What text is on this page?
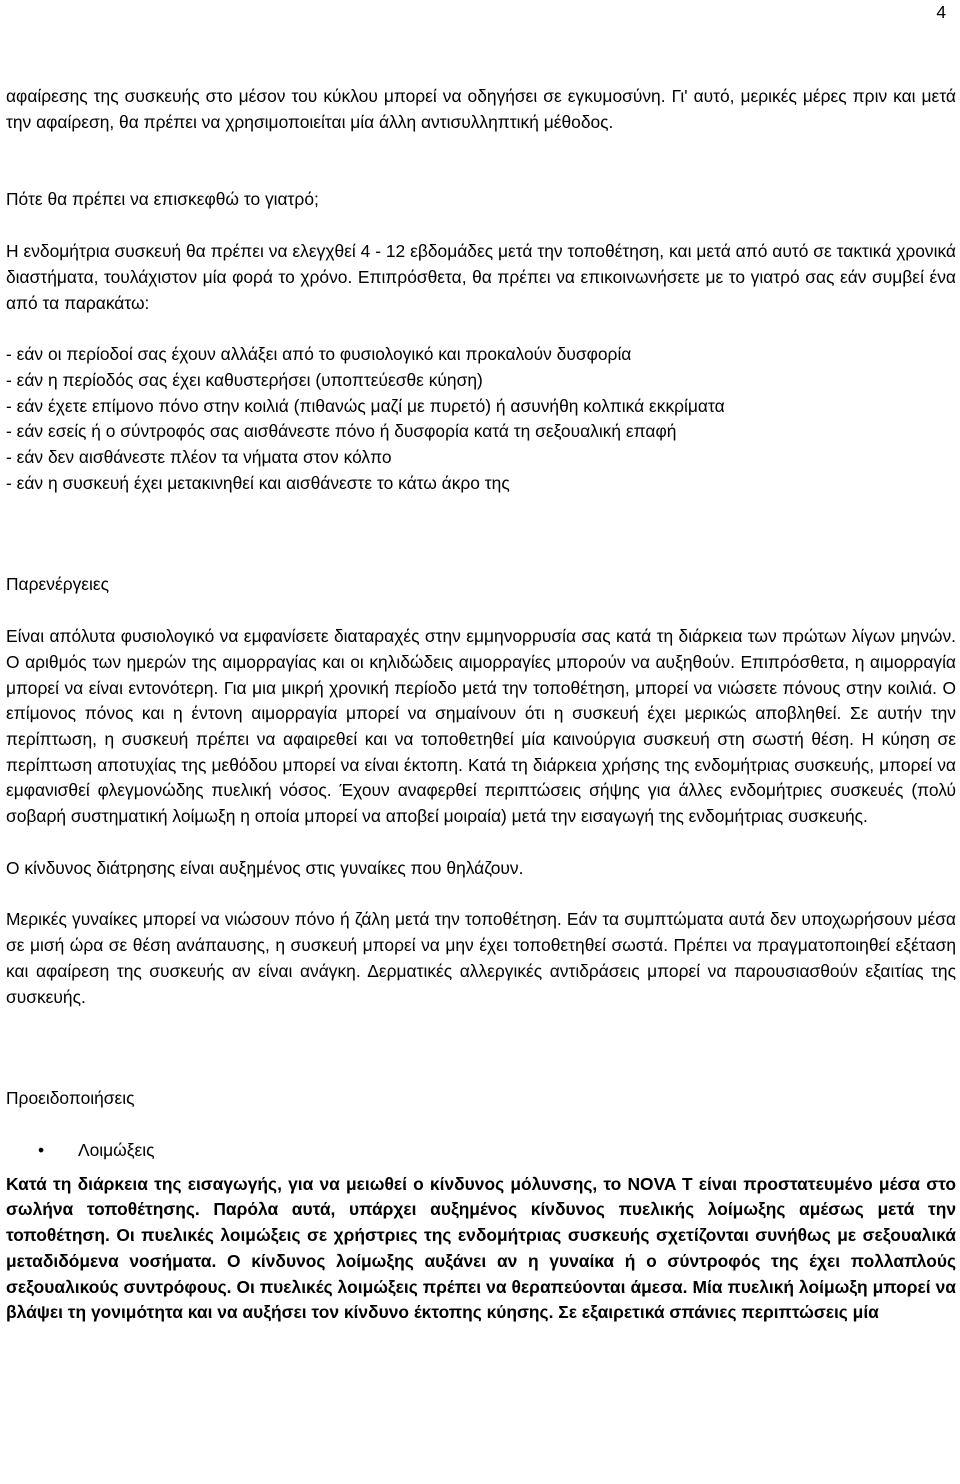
4

αφαίρεσης της συσκευής στο μέσον του κύκλου μπορεί να οδηγήσει σε εγκυμοσύνη. Γι' αυτό, μερικές μέρες πριν και μετά την αφαίρεση, θα πρέπει να χρησιμοποιείται μία άλλη αντισυλληπτική μέθοδος.

Πότε θα πρέπει να επισκεφθώ το γιατρό;

Η ενδομήτρια συσκευή θα πρέπει να ελεγχθεί 4 - 12 εβδομάδες μετά την τοποθέτηση, και μετά από αυτό σε τακτικά χρονικά διαστήματα, τουλάχιστον μία φορά το χρόνο. Επιπρόσθετα, θα πρέπει να επικοινωνήσετε με το γιατρό σας εάν συμβεί ένα από τα παρακάτω:

- εάν οι περίοδοί σας έχουν αλλάξει από το φυσιολογικό και προκαλούν δυσφορία
- εάν η περίοδός σας έχει καθυστερήσει (υποπτεύεσθε κύηση)
- εάν έχετε επίμονο πόνο στην κοιλιά (πιθανώς μαζί με πυρετό) ή ασυνήθη κολπικά εκκρίματα
- εάν εσείς ή ο σύντροφός σας αισθάνεστε πόνο ή δυσφορία κατά τη σεξουαλική επαφή
- εάν δεν αισθάνεστε πλέον τα νήματα στον κόλπο
- εάν η συσκευή έχει μετακινηθεί και αισθάνεστε το κάτω άκρο της
Παρενέργειες

Είναι απόλυτα φυσιολογικό να εμφανίσετε διαταραχές στην εμμηνορρυσία σας κατά τη διάρκεια των πρώτων λίγων μηνών. Ο αριθμός των ημερών της αιμορραγίας και οι κηλιδώδεις αιμορραγίες μπορούν να αυξηθούν. Επιπρόσθετα, η αιμορραγία μπορεί να είναι εντονότερη. Για μια μικρή χρονική περίοδο μετά την τοποθέτηση, μπορεί να νιώσετε πόνους στην κοιλιά. Ο επίμονος πόνος και η έντονη αιμορραγία μπορεί να σημαίνουν ότι η συσκευή έχει μερικώς αποβληθεί. Σε αυτήν την περίπτωση, η συσκευή πρέπει να αφαιρεθεί και να τοποθετηθεί μία καινούργια συσκευή στη σωστή θέση. Η κύηση σε περίπτωση αποτυχίας της μεθόδου μπορεί να είναι έκτοπη. Κατά τη διάρκεια χρήσης της ενδομήτριας συσκευής, μπορεί να εμφανισθεί φλεγμονώδης πυελική νόσος. Έχουν αναφερθεί περιπτώσεις σήψης για άλλες ενδομήτριες συσκευές (πολύ σοβαρή συστηματική λοίμωξη η οποία μπορεί να αποβεί μοιραία) μετά την εισαγωγή της ενδομήτριας συσκευής.

Ο κίνδυνος διάτρησης είναι αυξημένος στις γυναίκες που θηλάζουν.

Μερικές γυναίκες μπορεί να νιώσουν πόνο ή ζάλη μετά την τοποθέτηση. Εάν τα συμπτώματα αυτά δεν υποχωρήσουν μέσα σε μισή ώρα σε θέση ανάπαυσης, η συσκευή μπορεί να μην έχει τοποθετηθεί σωστά. Πρέπει να πραγματοποιηθεί εξέταση και αφαίρεση της συσκευής αν είναι ανάγκη. Δερματικές αλλεργικές αντιδράσεις μπορεί να παρουσιασθούν εξαιτίας της συσκευής.

Προειδοποιήσεις
• Λοιμώξεις

Κατά τη διάρκεια της εισαγωγής, για να μειωθεί ο κίνδυνος μόλυνσης, το NOVA T είναι προστατευμένο μέσα στο σωλήνα τοποθέτησης. Παρόλα αυτά, υπάρχει αυξημένος κίνδυνος πυελικής λοίμωξης αμέσως μετά την τοποθέτηση. Οι πυελικές λοιμώξεις σε χρήστριες της ενδομήτριας συσκευής σχετίζονται συνήθως με σεξουαλικά μεταδιδόμενα νοσήματα. Ο κίνδυνος λοίμωξης αυξάνει αν η γυναίκα ή ο σύντροφός της έχει πολλαπλούς σεξουαλικούς συντρόφους. Οι πυελικές λοιμώξεις πρέπει να θεραπεύονται άμεσα. Μία πυελική λοίμωξη μπορεί να βλάψει τη γονιμότητα και να αυξήσει τον κίνδυνο έκτοπης κύησης. Σε εξαιρετικά σπάνιες περιπτώσεις μία
